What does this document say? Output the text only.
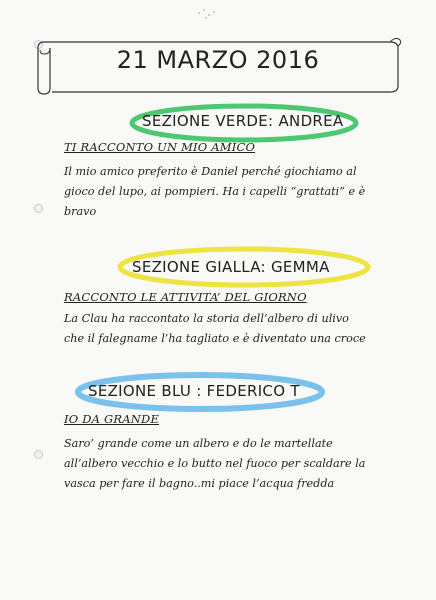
21 MARZO 2016
SEZIONE VERDE: ANDREA
TI RACCONTO UN MIO AMICO
Il mio amico preferito è Daniel perché giochiamo al
gioco del lupo, ai pompieri. Ha i capelli “grattati” e è
bravo
SEZIONE GIALLA: GEMMA
RACCONTO LE ATTIVITA’ DEL GIORNO
La Clau ha raccontato la storia dell’albero di ulivo
che il falegname l’ha tagliato e è diventato una croce
SEZIONE BLU : FEDERICO T
IO DA GRANDE
Saro’ grande come un albero e do le martellate
all’albero vecchio e lo butto nel fuoco per scaldare la
vasca per fare il bagno..mi piace l’acqua fredda
